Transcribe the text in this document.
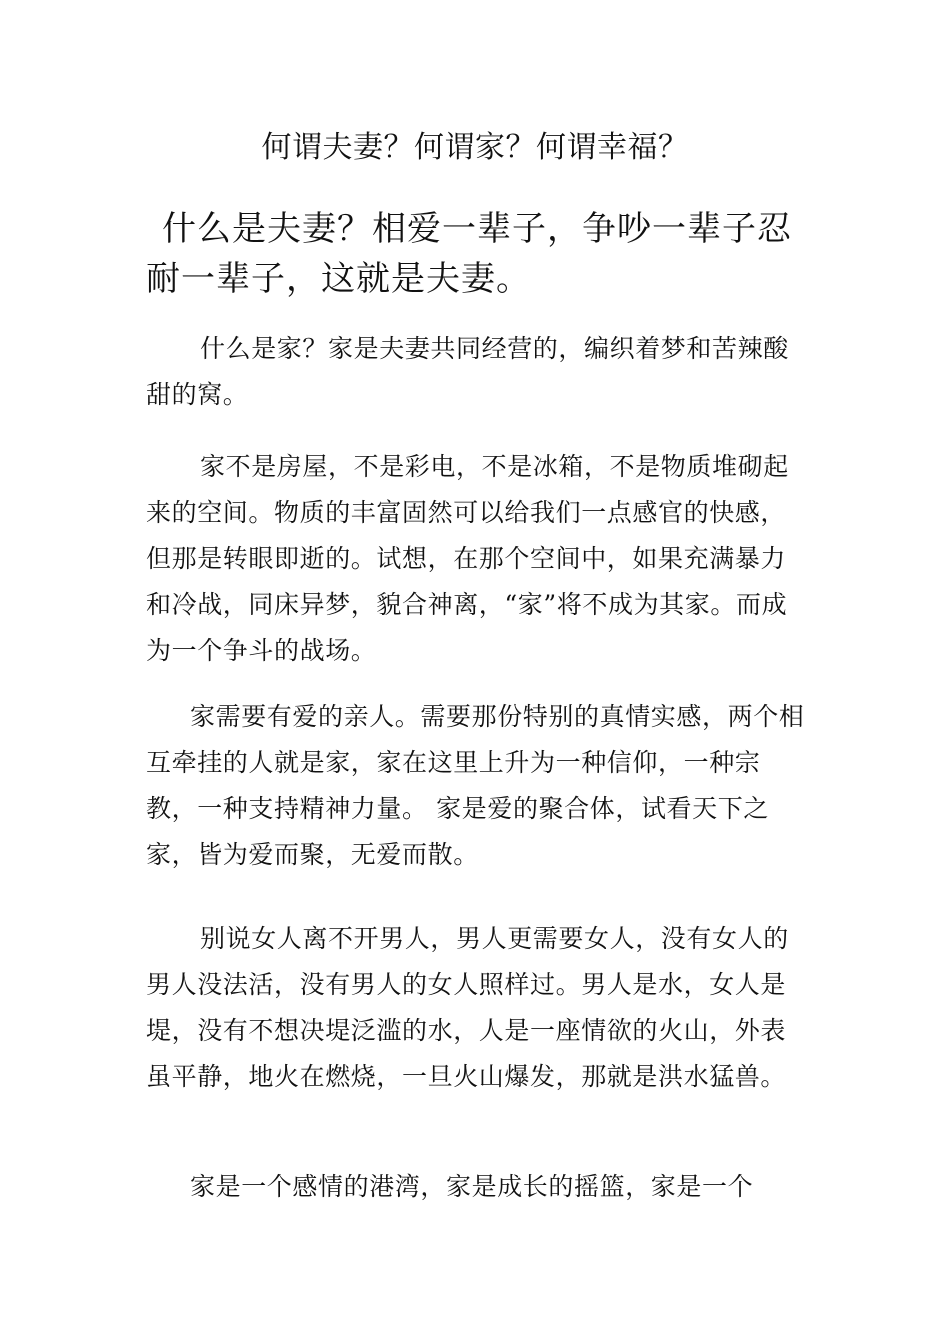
何谓夫妻？何谓家？何谓幸福？
什么是夫妻？相爱一辈子，争吵一辈子忍耐一辈子，这就是夫妻。
什么是家？家是夫妻共同经营的，编织着梦和苦辣酸甜的窝。
家不是房屋，不是彩电，不是冰箱，不是物质堆砌起来的空间。物质的丰富固然可以给我们一点感官的快感，但那是转眼即逝的。试想，在那个空间中，如果充满暴力和冷战，同床异梦，貌合神离，“家”将不成为其家。而成为一个争斗的战场。
家需要有爱的亲人。需要那份特别的真情实感，两个相互牵挂的人就是家，家在这里上升为一种信仰，一种宗教，一种支持精神力量。 家是爱的聚合体，试看天下之家，皆为爱而聚，无爱而散。
别说女人离不开男人，男人更需要女人，没有女人的男人没法活，没有男人的女人照样过。男人是水，女人是堤，没有不想决堤泛滥的水，人是一座情欲的火山，外表虽平静，地火在燃烧，一旦火山爆发，那就是洪水猛兽。
家是一个感情的港湾，家是成长的摇篮，家是一个
